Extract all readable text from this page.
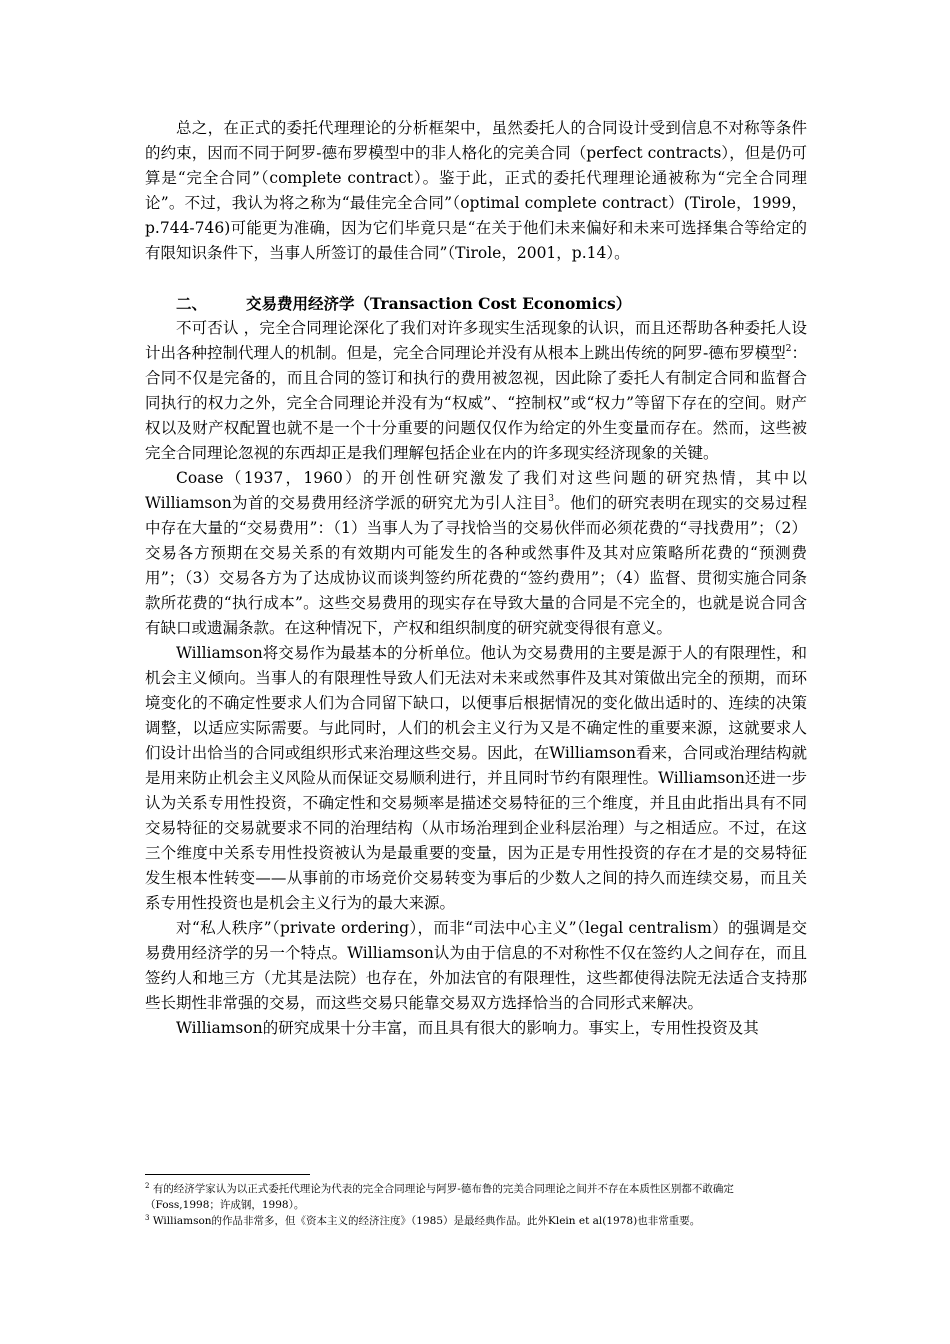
总之，在正式的委托代理理论的分析框架中，虽然委托人的合同设计受到信息不对称等条件的约束，因而不同于阿罗-德布罗模型中的非人格化的完美合同（perfect contracts），但是仍可算是“完全合同”（complete contract）。鉴于此，正式的委托代理理论通被称为“完全合同理论”。不过，我认为将之称为“最佳完全合同”（optimal complete contract）(Tirole，1999，p.744-746)可能更为准确，因为它们毕竟只是“在关于他们未来偏好和未来可选择集合等给定的有限知识条件下，当事人所签订的最佳合同”（Tirole，2001，p.14）。

二、	交易费用经济学（Transaction Cost Economics）

不可否认 ，完全合同理论深化了我们对许多现实生活现象的认识，而且还帮助各种委托人设计出各种控制代理人的机制。但是，完全合同理论并没有从根本上跳出传统的阿罗-德布罗模型$^2$：合同不仅是完备的，而且合同的签订和执行的费用被忽视，因此除了委托人有制定合同和监督合同执行的权力之外，完全合同理论并没有为“权威”、“控制权”或“权力”等留下存在的空间。财产权以及财产权配置也就不是一个十分重要的问题仅仅作为给定的外生变量而存在。然而，这些被完全合同理论忽视的东西却正是我们理解包括企业在内的许多现实经济现象的关键。

Coase（1937，1960）的开创性研究激发了我们对这些问题的研究热情，其中以Williamson为首的交易费用经济学派的研究尤为引人注目$^3$。他们的研究表明在现实的交易过程中存在大量的“交易费用”：（1）当事人为了寻找恰当的交易伙伴而必须花费的“寻找费用”；（2）交易各方预期在交易关系的有效期内可能发生的各种或然事件及其对应策略所花费的“预测费用”；（3）交易各方为了达成协议而谈判签约所花费的“签约费用”；（4）监督、贯彻实施合同条款所花费的“执行成本”。这些交易费用的现实存在导致大量的合同是不完全的，也就是说合同含有缺口或遗漏条款。在这种情况下，产权和组织制度的研究就变得很有意义。

Williamson将交易作为最基本的分析单位。他认为交易费用的主要是源于人的有限理性，和机会主义倾向。当事人的有限理性导致人们无法对未来或然事件及其对策做出完全的预期，而环境变化的不确定性要求人们为合同留下缺口，以便事后根据情况的变化做出适时的、连续的决策调整，以适应实际需要。与此同时，人们的机会主义行为又是不确定性的重要来源，这就要求人们设计出恰当的合同或组织形式来治理这些交易。因此，在Williamson看来，合同或治理结构就是用来防止机会主义风险从而保证交易顺利进行，并且同时节约有限理性。Williamson还进一步认为关系专用性投资，不确定性和交易频率是描述交易特征的三个维度，并且由此指出具有不同交易特征的交易就要求不同的治理结构（从市场治理到企业科层治理）与之相适应。不过，在这三个维度中关系专用性投资被认为是最重要的变量，因为正是专用性投资的存在才是的交易特征发生根本性转变——从事前的市场竞价交易转变为事后的少数人之间的持久而连续交易，而且关系专用性投资也是机会主义行为的最大来源。

对“私人秩序”（private ordering），而非“司法中心主义”（legal centralism）的强调是交易费用经济学的另一个特点。Williamson认为由于信息的不对称性不仅在签约人之间存在，而且签约人和地三方（尤其是法院）也存在，外加法官的有限理性，这些都使得法院无法适合支持那些长期性非常强的交易，而这些交易只能靠交易双方选择恰当的合同形式来解决。

Williamson的研究成果十分丰富，而且具有很大的影响力。事实上，专用性投资及其

$^2$ 有的经济学家认为以正式委托代理论为代表的完全合同理论与阿罗-德布鲁的完美合同理论之间并不存在本质性区别都不敢确定（Foss,1998；许成钢，1998）。

$^3$ Williamson的作品非常多，但《资本主义的经济注度》（1985）是最经典作品。此外Klein et al(1978)也非常重要。
